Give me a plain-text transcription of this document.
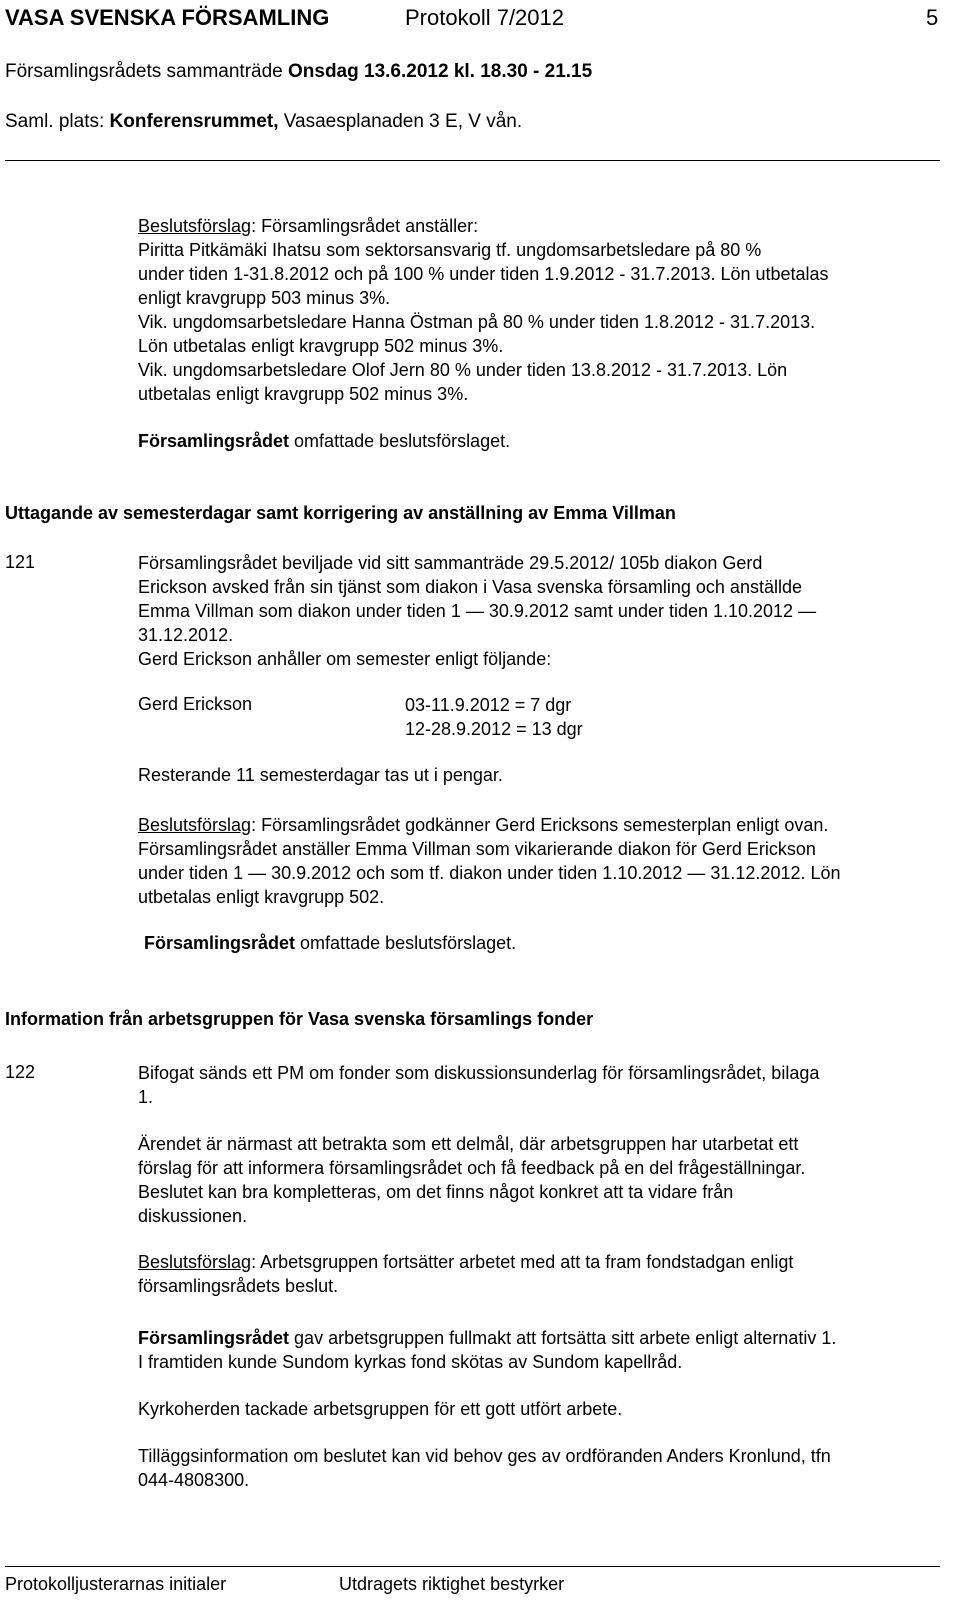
VASA SVENSKA FÖRSAMLING	Protokoll 7/2012	5
Församlingsrådets sammanträde Onsdag 13.6.2012 kl. 18.30 - 21.15
Saml. plats: Konferensrummet, Vasaesplanaden 3 E, V vån.
Beslutsförslag: Församlingsrådet anställer:
Piritta Pitkämäki Ihatsu som sektorsansvarig tf. ungdomsarbetsledare på 80 %
under tiden 1-31.8.2012 och på 100 % under tiden 1.9.2012 - 31.7.2013. Lön utbetalas
enligt kravgrupp 503 minus 3%.
Vik. ungdomsarbetsledare Hanna Östman på 80 % under tiden 1.8.2012 - 31.7.2013.
Lön utbetalas enligt kravgrupp 502 minus 3%.
Vik. ungdomsarbetsledare Olof Jern 80 % under tiden 13.8.2012 - 31.7.2013. Lön
utbetalas enligt kravgrupp 502 minus 3%.
Församlingsrådet omfattade beslutsförslaget.
Uttagande av semesterdagar samt korrigering av anställning av Emma Villman
121	Församlingsrådet beviljade vid sitt sammanträde 29.5.2012/ 105b diakon Gerd
Erickson avsked från sin tjänst som diakon i Vasa svenska församling och anställde
Emma Villman som diakon under tiden 1 — 30.9.2012 samt under tiden 1.10.2012 —
31.12.2012.
Gerd Erickson anhåller om semester enligt följande:
Gerd Erickson	03-11.9.2012 = 7 dgr
12-28.9.2012 = 13 dgr
Resterande 11 semesterdagar tas ut i pengar.
Beslutsförslag: Församlingsrådet godkänner Gerd Ericksons semesterplan enligt ovan.
Församlingsrådet anställer Emma Villman som vikarierande diakon för Gerd Erickson
under tiden 1 — 30.9.2012 och som tf. diakon under tiden 1.10.2012 — 31.12.2012. Lön
utbetalas enligt kravgrupp 502.
Församlingsrådet omfattade beslutsförslaget.
Information från arbetsgruppen för Vasa svenska församlings fonder
122	Bifogat sänds ett PM om fonder som diskussionsunderlag för församlingsrådet, bilaga
1.
Ärendet är närmast att betrakta som ett delmål, där arbetsgruppen har utarbetat ett
förslag för att informera församlingsrådet och få feedback på en del frågeställningar.
Beslutet kan bra kompletteras, om det finns något konkret att ta vidare från
diskussionen.
Beslutsförslag: Arbetsgruppen fortsätter arbetet med att ta fram fondstadgan enligt
församlingsrådets beslut.
Församlingsrådet gav arbetsgruppen fullmakt att fortsätta sitt arbete enligt alternativ 1.
I framtiden kunde Sundom kyrkas fond skötas av Sundom kapellråd.
Kyrkoherden tackade arbetsgruppen för ett gott utfört arbete.
Tilläggsinformation om beslutet kan vid behov ges av ordföranden Anders Kronlund, tfn
044-4808300.
Protokolljusterarnas initialer	Utdragets riktighet bestyrker
